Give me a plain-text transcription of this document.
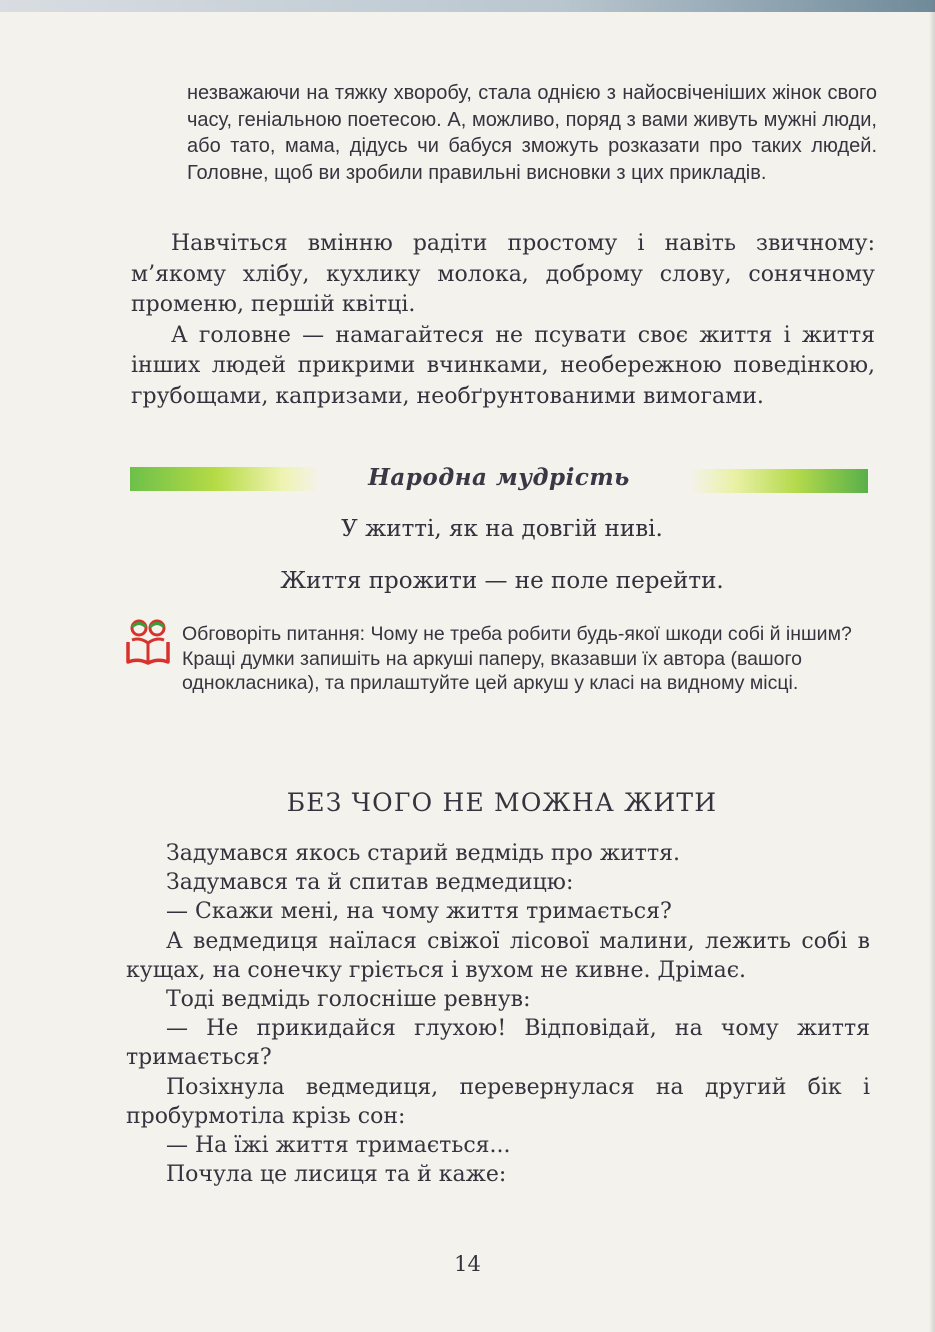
незважаючи на тяжку хворобу, стала однією з найосвіченіших жінок свого часу, геніальною поетесою. А, можливо, поряд з вами живуть мужні люди, або тато, мама, дідусь чи бабуся зможуть розказати про таких людей. Головне, щоб ви зробили правильні висновки з цих прикладів.

Навчіться вмінню радіти простому і навіть звичному: м’якому хлібу, кухлику молока, доброму слову, сонячному променю, першій квітці.

А головне — намагайтеся не псувати своє життя і життя інших людей прикрими вчинками, необережною поведінкою, грубощами, капризами, необґрунтованими вимогами.

Народна мудрість
У житті, як на довгій ниві.
Життя прожити — не поле перейти.

Обговоріть питання: Чому не треба робити будь-якої шкоди собі й іншим?

Кращі думки запишіть на аркуші паперу, вказавши їх автора (вашого однокласника), та прилаштуйте цей аркуш у класі на видному місці.

БЕЗ ЧОГО НЕ МОЖНА ЖИТИ

Задумався якось старий ведмідь про життя.

Задумався та й спитав ведмедицю:

— Скажи мені, на чому життя тримається?

А ведмедиця наїлася свіжої лісової малини, лежить собі в кущах, на сонечку гріється і вухом не кивне. Дрімає.

Тоді ведмідь голосніше ревнув:

— Не прикидайся глухою! Відповідай, на чому життя тримається?

Позіхнула ведмедиця, перевернулася на другий бік і пробурмотіла крізь сон:

— На їжі життя тримається...

Почула це лисиця та й каже:

14
